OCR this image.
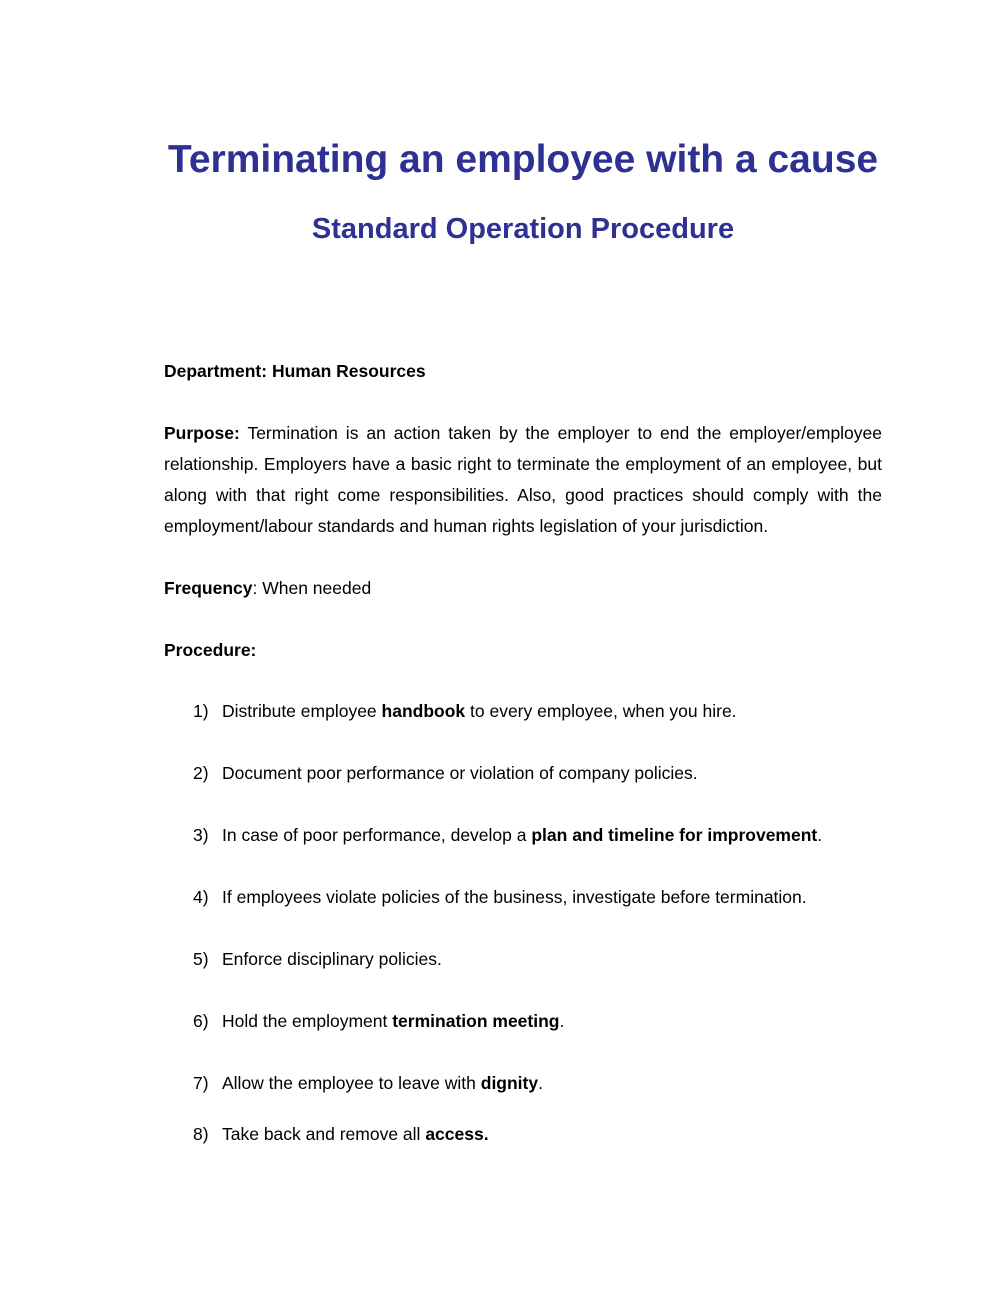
Terminating an employee with a cause
Standard Operation Procedure
Department: Human Resources
Purpose: Termination is an action taken by the employer to end the employer/employee relationship. Employers have a basic right to terminate the employment of an employee, but along with that right come responsibilities. Also, good practices should comply with the employment/labour standards and human rights legislation of your jurisdiction.
Frequency: When needed
Procedure:
1) Distribute employee handbook to every employee, when you hire.
2) Document poor performance or violation of company policies.
3) In case of poor performance, develop a plan and timeline for improvement.
4) If employees violate policies of the business, investigate before termination.
5) Enforce disciplinary policies.
6) Hold the employment termination meeting.
7) Allow the employee to leave with dignity.
8) Take back and remove all access.
